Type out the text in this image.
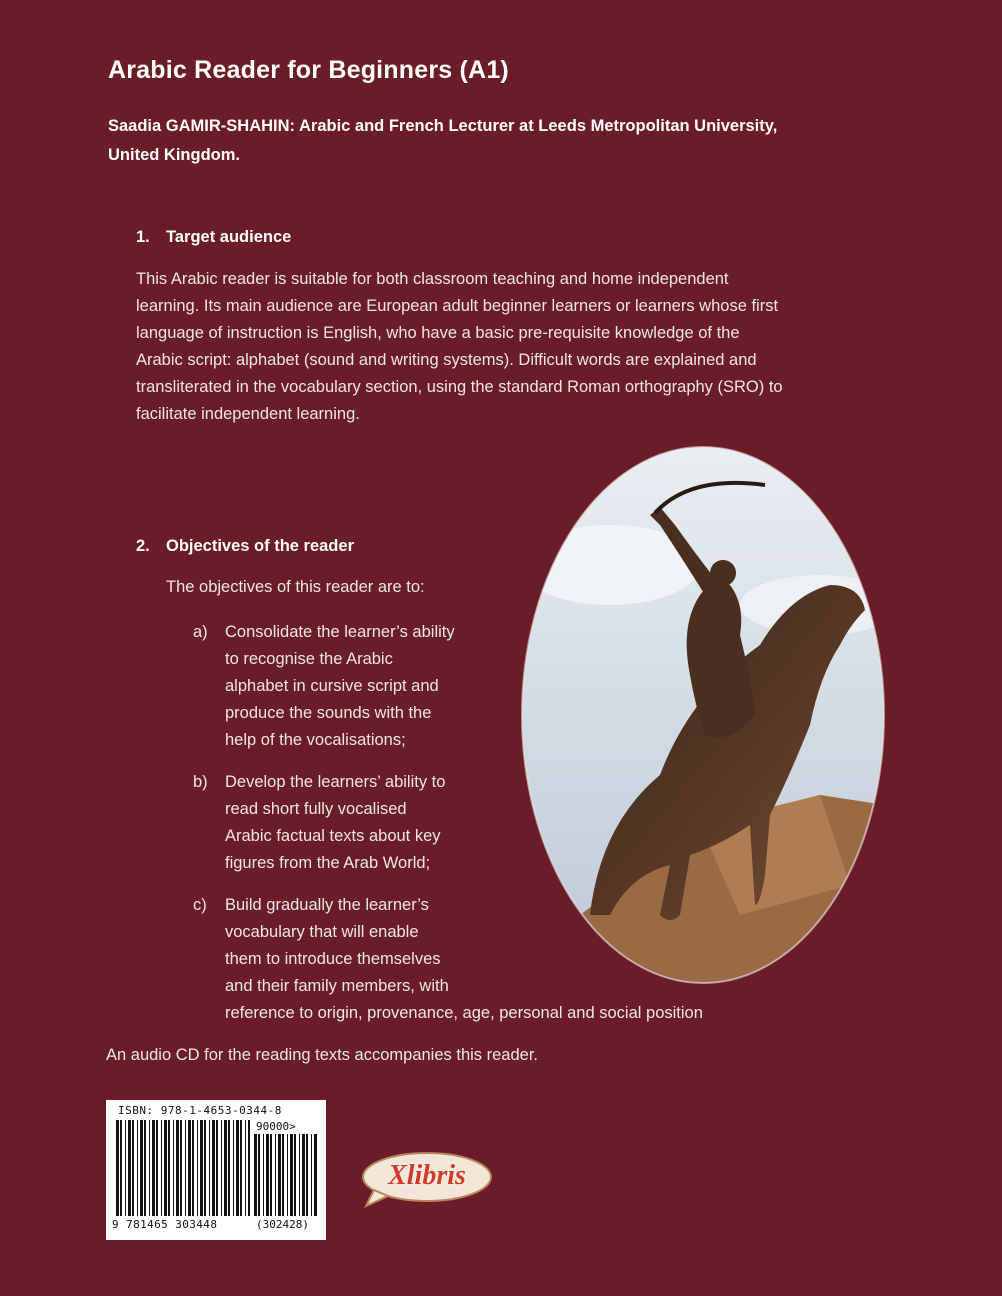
Arabic Reader for Beginners (A1)
Saadia GAMIR-SHAHIN: Arabic and French Lecturer at Leeds Metropolitan University,
United Kingdom.
1. Target audience
This Arabic reader is suitable for both classroom teaching and home independent
learning. Its main audience are European adult beginner learners or learners whose first
language of instruction is English, who have a basic pre-requisite knowledge of the
Arabic script: alphabet (sound and writing systems). Difficult words are explained and
transliterated in the vocabulary section, using the standard Roman orthography (SRO) to
facilitate independent learning.
2. Objectives of the reader
The objectives of this reader are to:
a) Consolidate the learner’s ability
to recognise the Arabic
alphabet in cursive script and
produce the sounds with the
help of the vocalisations;
b) Develop the learners’ ability to
read short fully vocalised
Arabic factual texts about key
figures from the Arab World;
c) Build gradually the learner’s
vocabulary that will enable
them to introduce themselves
and their family members, with
reference to origin, provenance, age, personal and social position
An audio CD for the reading texts accompanies this reader.
ISBN: 978-1-4653-0344-8
90000>
9 781465 303448	(302428)
Xlibris
